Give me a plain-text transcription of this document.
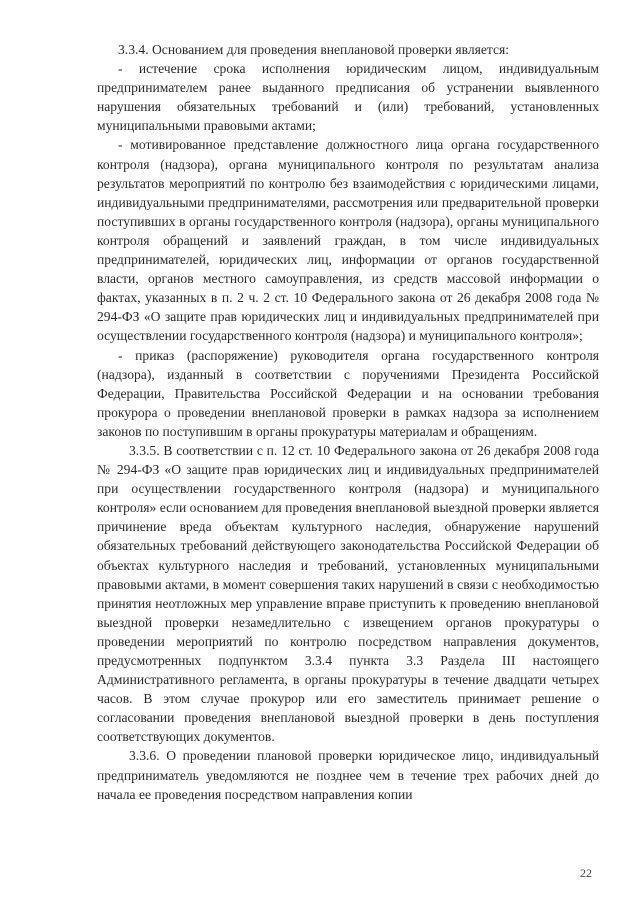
3.3.4. Основанием для проведения внеплановой проверки является:

- истечение срока исполнения юридическим лицом, индивидуальным предпринимателем ранее выданного предписания об устранении выявленного нарушения обязательных требований и (или) требований, установленных муниципальными правовыми актами;

- мотивированное представление должностного лица органа государственного контроля (надзора), органа муниципального контроля по результатам анализа результатов мероприятий по контролю без взаимодействия с юридическими лицами, индивидуальными предпринимателями, рассмотрения или предварительной проверки поступивших в органы государственного контроля (надзора), органы муниципального контроля обращений и заявлений граждан, в том числе индивидуальных предпринимателей, юридических лиц, информации от органов государственной власти, органов местного самоуправления, из средств массовой информации о фактах, указанных в п. 2 ч. 2 ст. 10 Федерального закона от 26 декабря 2008 года № 294-ФЗ «О защите прав юридических лиц и индивидуальных предпринимателей при осуществлении государственного контроля (надзора) и муниципального контроля»;

- приказ (распоряжение) руководителя органа государственного контроля (надзора), изданный в соответствии с поручениями Президента Российской Федерации, Правительства Российской Федерации и на основании требования прокурора о проведении внеплановой проверки в рамках надзора за исполнением законов по поступившим в органы прокуратуры материалам и обращениям.

3.3.5. В соответствии с п. 12 ст. 10 Федерального закона от 26 декабря 2008 года № 294-ФЗ «О защите прав юридических лиц и индивидуальных предпринимателей при осуществлении государственного контроля (надзора) и муниципального контроля» если основанием для проведения внеплановой выездной проверки является причинение вреда объектам культурного наследия, обнаружение нарушений обязательных требований действующего законодательства Российской Федерации об объектах культурного наследия и требований, установленных муниципальными правовыми актами, в момент совершения таких нарушений в связи с необходимостью принятия неотложных мер управление вправе приступить к проведению внеплановой выездной проверки незамедлительно с извещением органов прокуратуры о проведении мероприятий по контролю посредством направления документов, предусмотренных подпунктом 3.3.4 пункта 3.3 Раздела III настоящего Административного регламента, в органы прокуратуры в течение двадцати четырех часов. В этом случае прокурор или его заместитель принимает решение о согласовании проведения внеплановой выездной проверки в день поступления соответствующих документов.

3.3.6. О проведении плановой проверки юридическое лицо, индивидуальный предприниматель уведомляются не позднее чем в течение трех рабочих дней до начала ее проведения посредством направления копии

22
